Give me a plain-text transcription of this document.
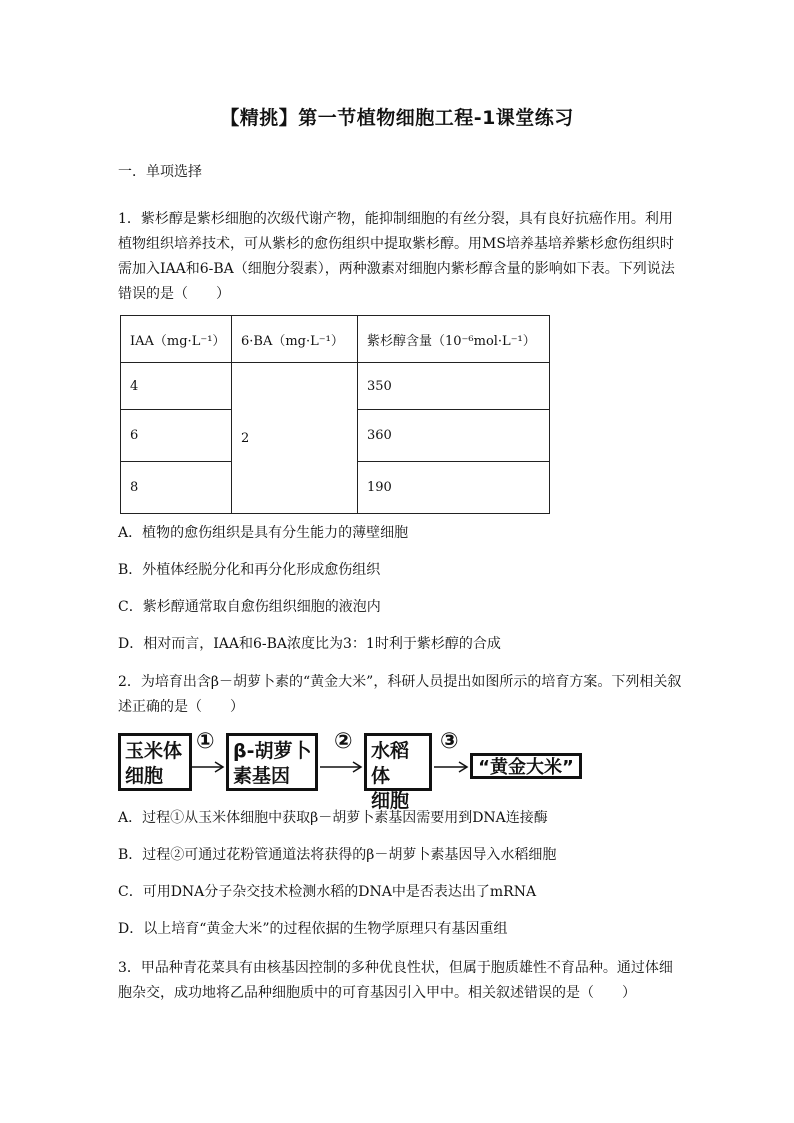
【精挑】第一节植物细胞工程-1课堂练习
一．单项选择
1．紫杉醇是紫杉细胞的次级代谢产物，能抑制细胞的有丝分裂，具有良好抗癌作用。利用植物组织培养技术，可从紫杉的愈伤组织中提取紫杉醇。用MS培养基培养紫杉愈伤组织时需加入IAA和6-BA（细胞分裂素），两种激素对细胞内紫杉醇含量的影响如下表。下列说法错误的是（　　）
IAA（mg·L⁻¹）	6·BA（mg·L⁻¹）	紫杉醇含量（10⁻⁶mol·L⁻¹）
4	2	350
6		360
8		190
A．植物的愈伤组织是具有分生能力的薄壁细胞
B．外植体经脱分化和再分化形成愈伤组织
C．紫杉醇通常取自愈伤组织细胞的液泡内
D．相对而言，IAA和6-BA浓度比为3：1时利于紫杉醇的合成
2．为培育出含β－胡萝卜素的“黄金大米”，科研人员提出如图所示的培育方案。下列相关叙述正确的是（　　）
玉米体
细胞
① β-胡萝卜
素基因
② 水稻体
细胞
③
“黄金大米”
A．过程①从玉米体细胞中获取β－胡萝卜素基因需要用到DNA连接酶
B．过程②可通过花粉管通道法将获得的β－胡萝卜素基因导入水稻细胞
C．可用DNA分子杂交技术检测水稻的DNA中是否表达出了mRNA
D．以上培育“黄金大米”的过程依据的生物学原理只有基因重组
3．甲品种青花菜具有由核基因控制的多种优良性状，但属于胞质雄性不育品种。通过体细胞杂交，成功地将乙品种细胞质中的可育基因引入甲中。相关叙述错误的是（　　）
